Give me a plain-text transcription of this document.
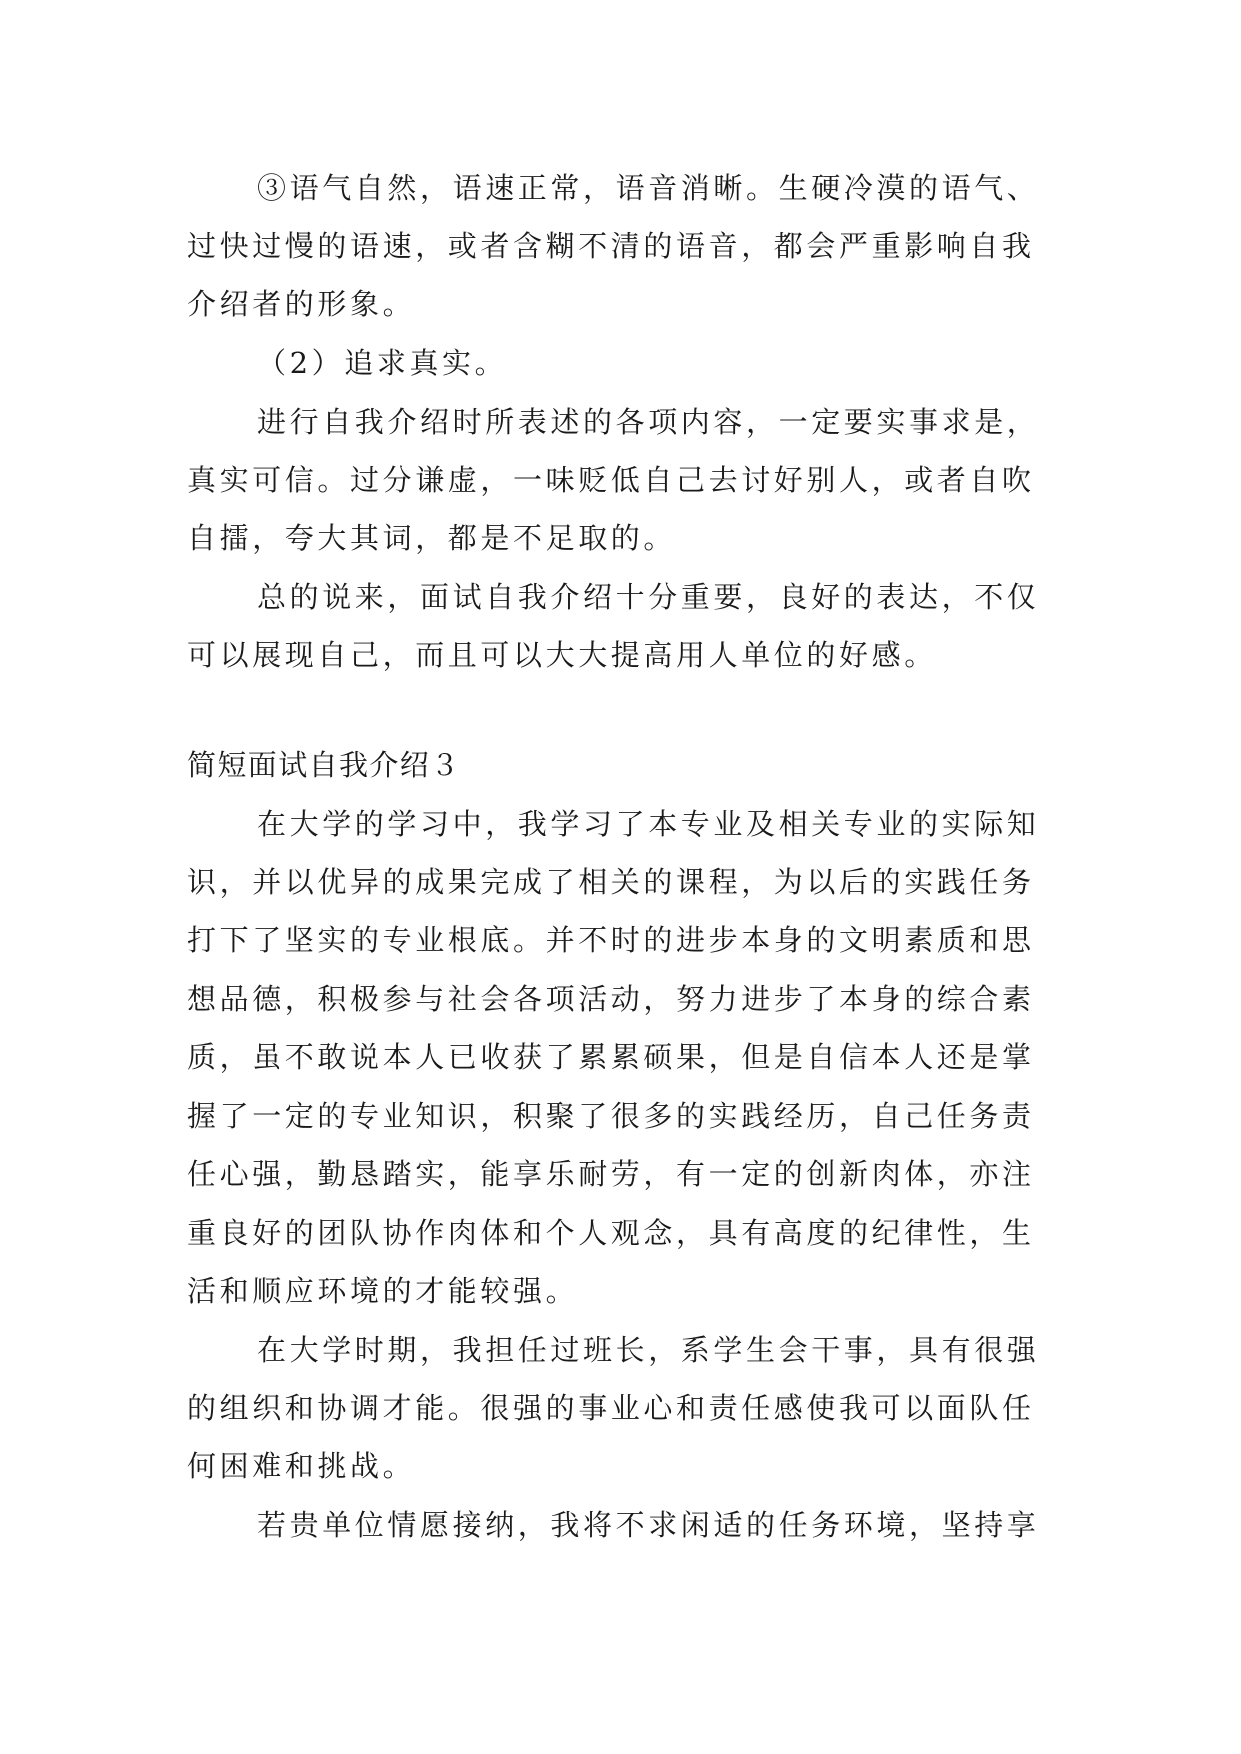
③语气自然，语速正常，语音消晰。生硬冷漠的语气、
过快过慢的语速，或者含糊不清的语音，都会严重影响自我
介绍者的形象。
（2）追求真实。
进行自我介绍时所表述的各项内容，一定要实事求是，
真实可信。过分谦虚，一味贬低自己去讨好别人，或者自吹
自擂，夸大其词，都是不足取的。
总的说来，面试自我介绍十分重要，良好的表达，不仅
可以展现自己，而且可以大大提高用人单位的好感。
简短面试自我介绍３
在大学的学习中，我学习了本专业及相关专业的实际知
识，并以优异的成果完成了相关的课程，为以后的实践任务
打下了坚实的专业根底。并不时的进步本身的文明素质和思
想品德，积极参与社会各项活动，努力进步了本身的综合素
质，虽不敢说本人已收获了累累硕果，但是自信本人还是掌
握了一定的专业知识，积聚了很多的实践经历，自己任务责
任心强，勤恳踏实，能享乐耐劳，有一定的创新肉体，亦注
重良好的团队协作肉体和个人观念，具有高度的纪律性，生
活和顺应环境的才能较强。
在大学时期，我担任过班长，系学生会干事，具有很强
的组织和协调才能。很强的事业心和责任感使我可以面队任
何困难和挑战。
若贵单位情愿接纳，我将不求闲适的任务环境，坚持享
